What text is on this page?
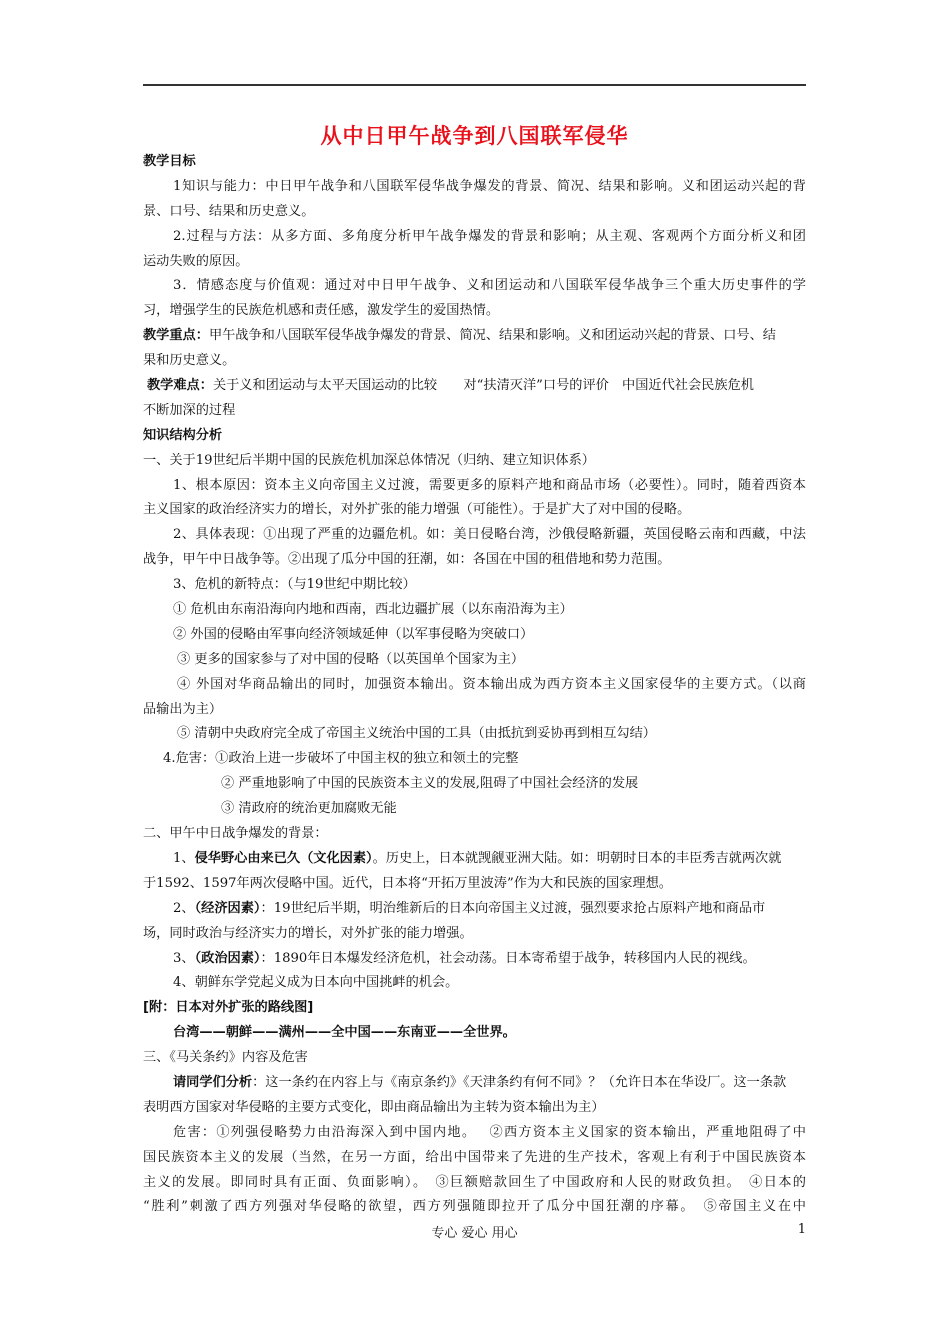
从中日甲午战争到八国联军侵华
教学目标
1知识与能力：中日甲午战争和八国联军侵华战争爆发的背景、简况、结果和影响。义和团运动兴起的背
景、口号、结果和历史意义。
2.过程与方法：从多方面、多角度分析甲午战争爆发的背景和影响；从主观、客观两个方面分析义和团
运动失败的原因。
3．情感态度与价值观：通过对中日甲午战争、义和团运动和八国联军侵华战争三个重大历史事件的学
习，增强学生的民族危机感和责任感，激发学生的爱国热情。
教学重点：甲午战争和八国联军侵华战争爆发的背景、简况、结果和影响。义和团运动兴起的背景、口号、结
果和历史意义。
教学难点：关于义和团运动与太平天国运动的比较　　对“扶清灭洋”口号的评价　中国近代社会民族危机
不断加深的过程
知识结构分析
一、关于19世纪后半期中国的民族危机加深总体情况（归纳、建立知识体系）
1、根本原因：资本主义向帝国主义过渡，需要更多的原料产地和商品市场（必要性）。同时，随着西资本
主义国家的政治经济实力的增长，对外扩张的能力增强（可能性）。于是扩大了对中国的侵略。
2、具体表现：①出现了严重的边疆危机。如：美日侵略台湾，沙俄侵略新疆，英国侵略云南和西藏，中法
战争，甲午中日战争等。②出现了瓜分中国的狂潮，如：各国在中国的租借地和势力范围。
3、危机的新特点：（与19世纪中期比较）
① 危机由东南沿海向内地和西南，西北边疆扩展（以东南沿海为主）
② 外国的侵略由军事向经济领域延伸（以军事侵略为突破口）
③ 更多的国家参与了对中国的侵略（以英国单个国家为主）
④ 外国对华商品输出的同时，加强资本输出。资本输出成为西方资本主义国家侵华的主要方式。（以商
品输出为主）
⑤ 清朝中央政府完全成了帝国主义统治中国的工具（由抵抗到妥协再到相互勾结）
4.危害：①政治上进一步破坏了中国主权的独立和领土的完整
② 严重地影响了中国的民族资本主义的发展,阻碍了中国社会经济的发展
③ 清政府的统治更加腐败无能
二、甲午中日战争爆发的背景：
1、侵华野心由来已久（文化因素）。历史上，日本就觊觎亚洲大陆。如：明朝时日本的丰臣秀吉就两次就
于1592、1597年两次侵略中国。近代，日本将“开拓万里波涛”作为大和民族的国家理想。
2、（经济因素）：19世纪后半期，明治维新后的日本向帝国主义过渡，强烈要求抢占原料产地和商品市
场，同时政治与经济实力的增长，对外扩张的能力增强。
3、（政治因素）：1890年日本爆发经济危机，社会动荡。日本寄希望于战争，转移国内人民的视线。
4、朝鲜东学党起义成为日本向中国挑衅的机会。
[附：日本对外扩张的路线图]
台湾——朝鲜——满州——全中国——东南亚——全世界。
三、《马关条约》内容及危害
请同学们分析：这一条约在内容上与《南京条约》《天津条约有何不同》？（允许日本在华设厂。这一条款
表明西方国家对华侵略的主要方式变化，即由商品输出为主转为资本输出为主）
危害：①列强侵略势力由沿海深入到中国内地。　 ②西方资本主义国家的资本输出，严重地阻碍了中
国民族资本主义的发展（当然，在另一方面，给出中国带来了先进的生产技术，客观上有利于中国民族资本
主义的发展。即同时具有正面、负面影响）。　③巨额赔款回生了中国政府和人民的财政负担。　④日本的
“胜利”刺激了西方列强对华侵略的欲望，西方列强随即拉开了瓜分中国狂潮的序幕。　⑤帝国主义在中
专心 爱心 用心	1
